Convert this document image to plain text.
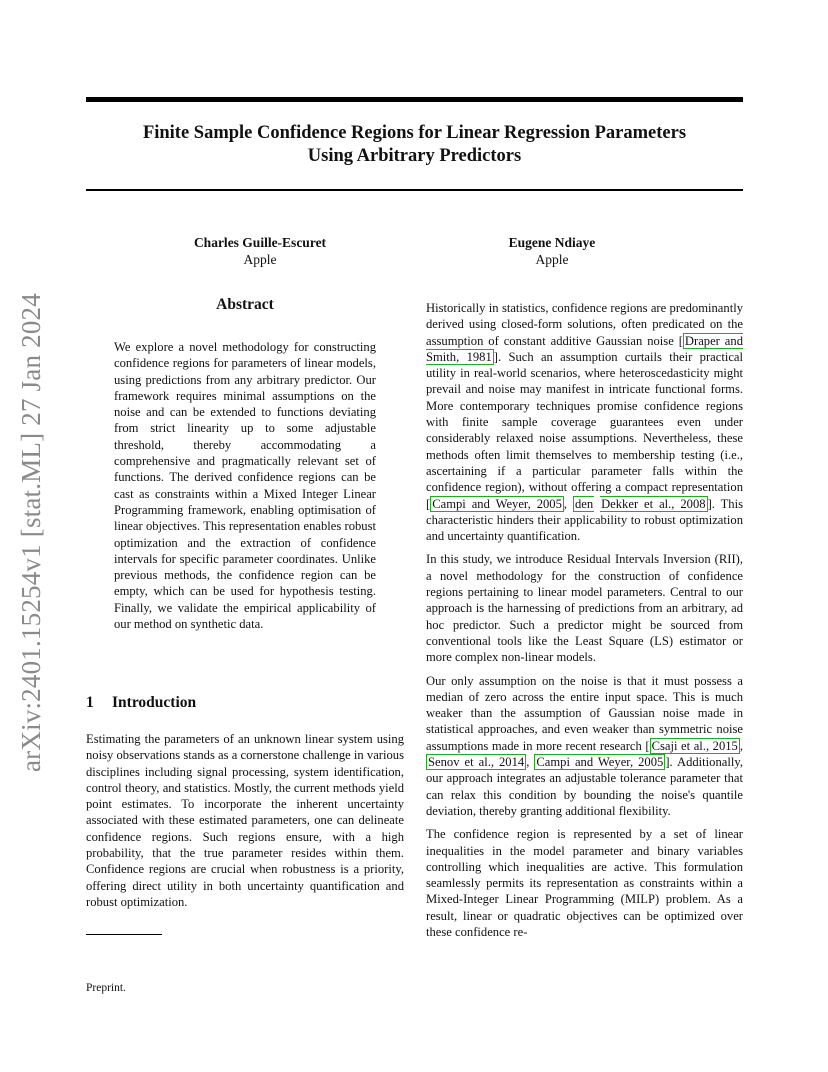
Finite Sample Confidence Regions for Linear Regression Parameters
Using Arbitrary Predictors
Charles Guille-Escuret
Apple
Eugene Ndiaye
Apple
arXiv:2401.15254v1 [stat.ML] 27 Jan 2024	Abstract
We explore a novel methodology for constructing confidence regions for parameters of linear models, using predictions from any arbitrary predictor. Our framework requires minimal assumptions on the noise and can be extended to functions deviating from strict linearity up to some adjustable threshold, thereby accommodating a comprehensive and pragmatically relevant set of functions. The derived confidence regions can be cast as constraints within a Mixed Integer Linear Programming framework, enabling optimisation of linear objectives. This representation enables robust optimization and the extraction of confidence intervals for specific parameter coordinates. Unlike previous methods, the confidence region can be empty, which can be used for hypothesis testing. Finally, we validate the empirical applicability of our method on synthetic data.
1 Introduction
Estimating the parameters of an unknown linear system using noisy observations stands as a cornerstone challenge in various disciplines including signal processing, system identification, control theory, and statistics. Mostly, the current methods yield point estimates. To incorporate the inherent uncertainty associated with these estimated parameters, one can delineate confidence regions. Such regions ensure, with a high probability, that the true parameter resides within them. Confidence regions are crucial when robustness is a priority, offering direct utility in both uncertainty quantification and robust optimization.
Preprint.

Historically in statistics, confidence regions are predominantly derived using closed-form solutions, often predicated on the assumption of constant additive Gaussian noise [ Draper and Smith, 1981 ]. Such an assumption curtails their practical utility in real-world scenarios, where heteroscedasticity might prevail and noise may manifest in intricate functional forms. More contemporary techniques promise confidence regions with finite sample coverage guarantees even under considerably relaxed noise assumptions. Nevertheless, these methods often limit themselves to membership testing (i.e., ascertaining if a particular parameter falls within the confidence region), without offering a compact representation [ Campi and Weyer, 2005 , den Dekker et al., 2008 ]. This characteristic hinders their applicability to robust optimization and uncertainty quantification.

In this study, we introduce Residual Intervals Inversion (RII), a novel methodology for the construction of confidence regions pertaining to linear model parameters. Central to our approach is the harnessing of predictions from an arbitrary, ad hoc predictor. Such a predictor might be sourced from conventional tools like the Least Square (LS) estimator or more complex non-linear models.

Our only assumption on the noise is that it must possess a median of zero across the entire input space. This is much weaker than the assumption of Gaussian noise made in statistical approaches, and even weaker than symmetric noise assumptions made in more recent research [ Csaji et al., 2015 , Senov et al., 2014 , Campi and Weyer, 2005 ]. Additionally, our approach integrates an adjustable tolerance parameter that can relax this condition by bounding the noise's quantile deviation, thereby granting additional flexibility.

The confidence region is represented by a set of linear inequalities in the model parameter and binary variables controlling which inequalities are active. This formulation seamlessly permits its representation as constraints within a Mixed-Integer Linear Programming (MILP) problem. As a result, linear or quadratic objectives can be optimized over these confidence re-
